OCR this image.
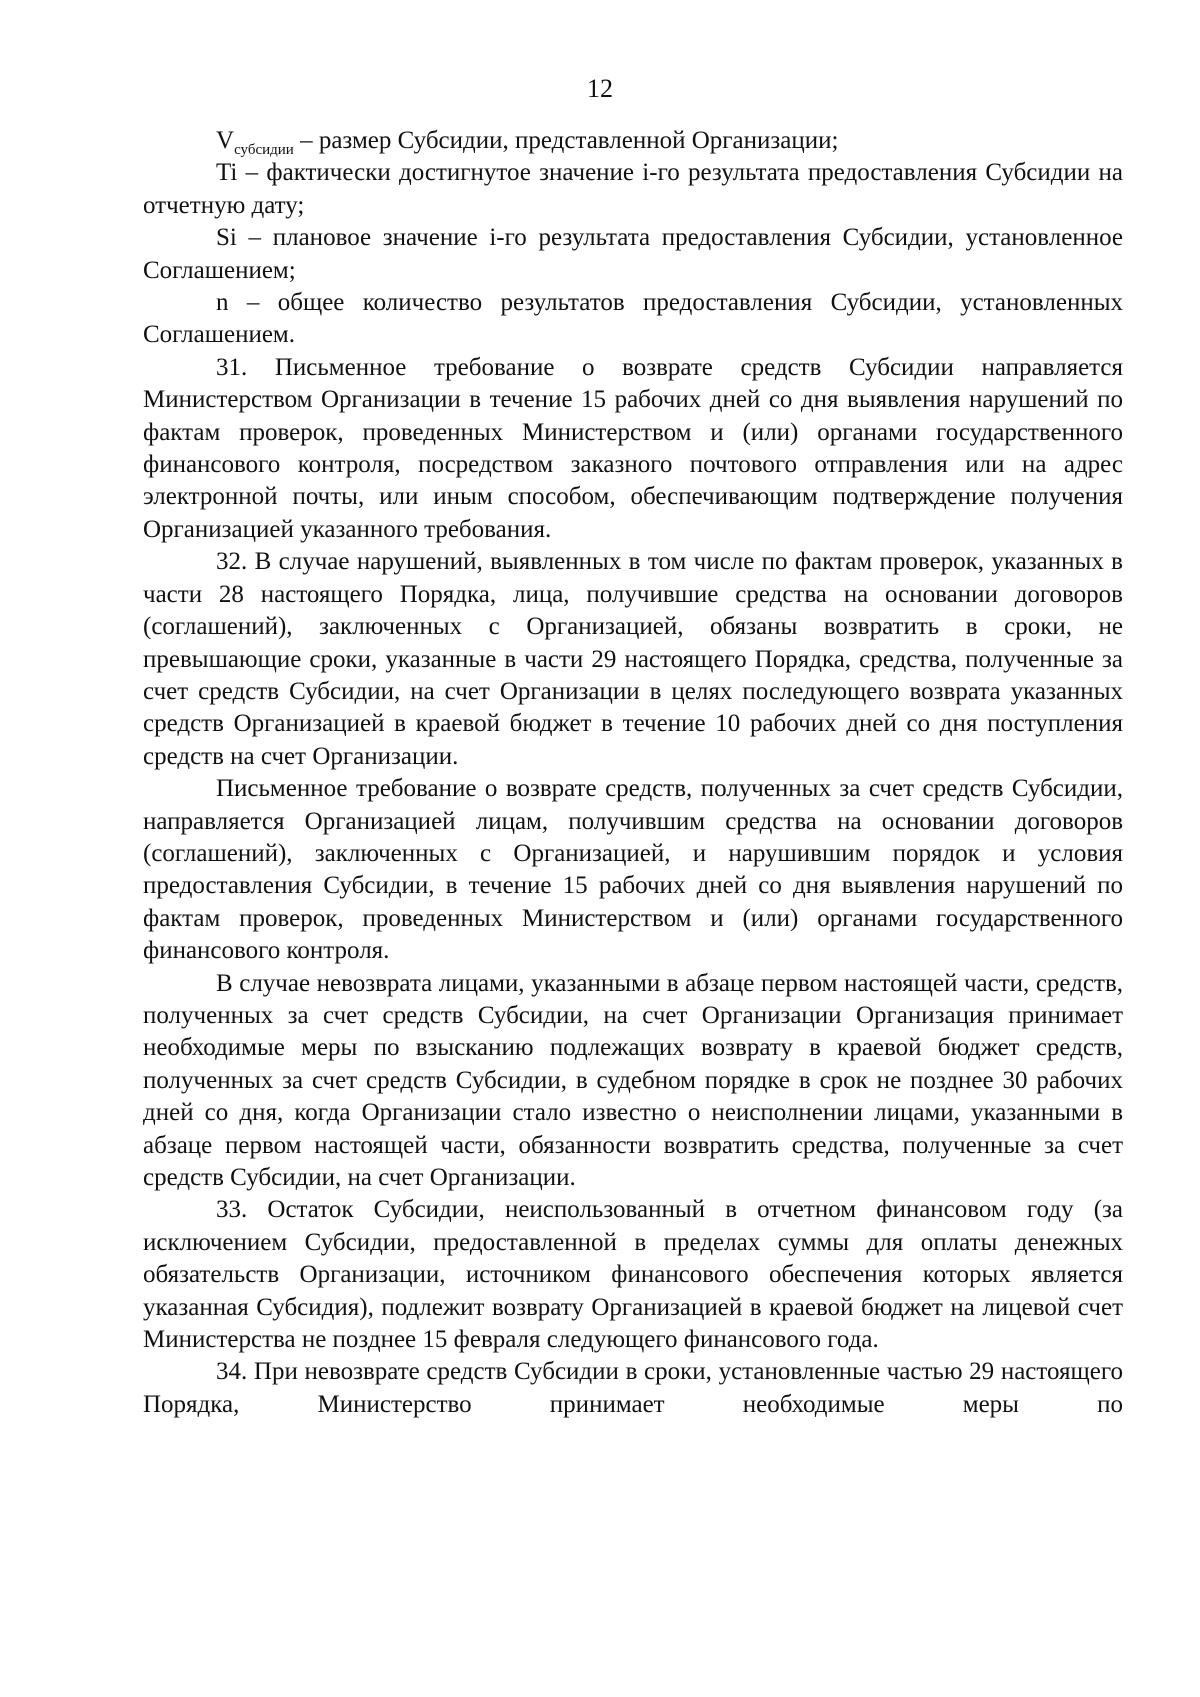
12

$V_{субсидии}$ – размер Субсидии, представленной Организации;

Ti – фактически достигнутое значение i-го результата предоставления Субсидии на отчетную дату;

Si – плановое значение i-го результата предоставления Субсидии, установленное Соглашением;

n – общее количество результатов предоставления Субсидии, установленных Соглашением.

31. Письменное требование о возврате средств Субсидии направляется Министерством Организации в течение 15 рабочих дней со дня выявления нарушений по фактам проверок, проведенных Министерством и (или) органами государственного финансового контроля, посредством заказного почтового отправления или на адрес электронной почты, или иным способом, обеспечивающим подтверждение получения Организацией указанного требования.

32. В случае нарушений, выявленных в том числе по фактам проверок, указанных в части 28 настоящего Порядка, лица, получившие средства на основании договоров (соглашений), заключенных с Организацией, обязаны возвратить в сроки, не превышающие сроки, указанные в части 29 настоящего Порядка, средства, полученные за счет средств Субсидии, на счет Организации в целях последующего возврата указанных средств Организацией в краевой бюджет в течение 10 рабочих дней со дня поступления средств на счет Организации.

Письменное требование о возврате средств, полученных за счет средств Субсидии, направляется Организацией лицам, получившим средства на основании договоров (соглашений), заключенных с Организацией, и нарушившим порядок и условия предоставления Субсидии, в течение 15 рабочих дней со дня выявления нарушений по фактам проверок, проведенных Министерством и (или) органами государственного финансового контроля.

В случае невозврата лицами, указанными в абзаце первом настоящей части, средств, полученных за счет средств Субсидии, на счет Организации Организация принимает необходимые меры по взысканию подлежащих возврату в краевой бюджет средств, полученных за счет средств Субсидии, в судебном порядке в срок не позднее 30 рабочих дней со дня, когда Организации стало известно о неисполнении лицами, указанными в абзаце первом настоящей части, обязанности возвратить средства, полученные за счет средств Субсидии, на счет Организации.

33. Остаток Субсидии, неиспользованный в отчетном финансовом году (за исключением Субсидии, предоставленной в пределах суммы для оплаты денежных обязательств Организации, источником финансового обеспечения которых является указанная Субсидия), подлежит возврату Организацией в краевой бюджет на лицевой счет Министерства не позднее 15 февраля следующего финансового года.

34. При невозврате средств Субсидии в сроки, установленные частью 29 настоящего Порядка, Министерство принимает необходимые меры по
